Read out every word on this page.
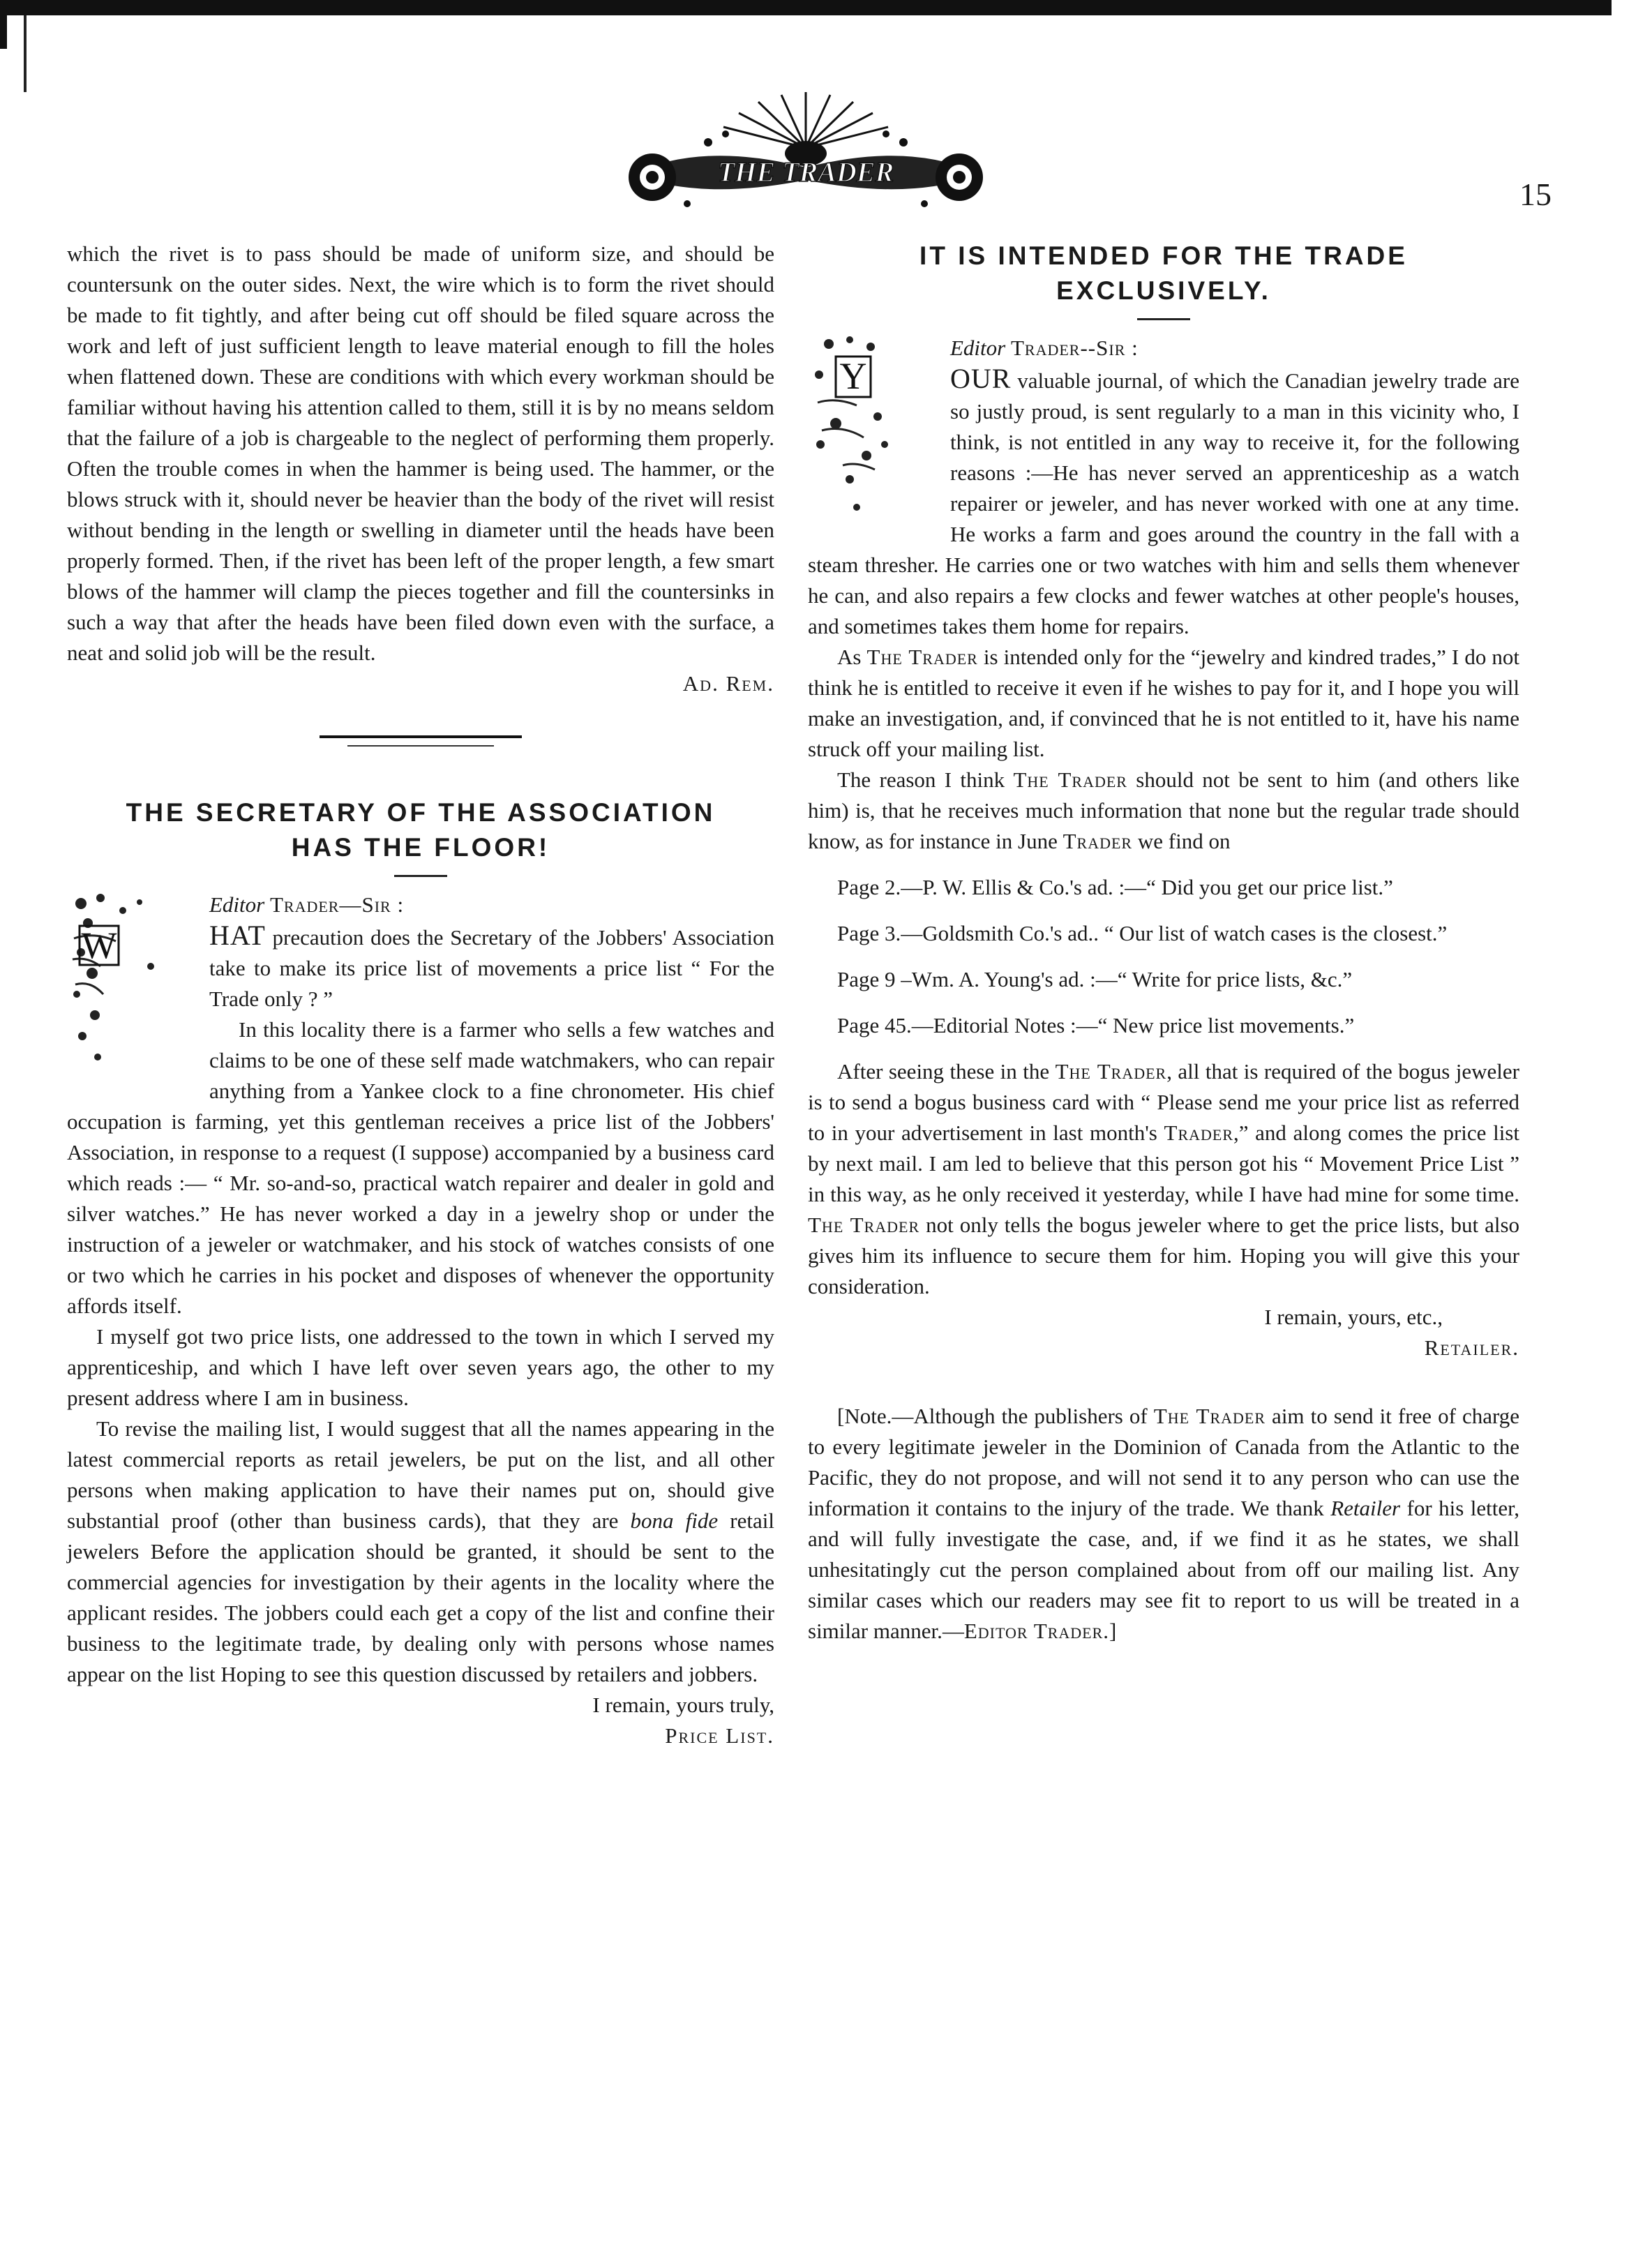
THE TRADER
15

which the rivet is to pass should be made of uniform size, and should be countersunk on the outer sides. Next, the wire which is to form the rivet should be made to fit tightly, and after being cut off should be filed square across the work and left of just sufficient length to leave material enough to fill the holes when flattened down. These are conditions with which every workman should be familiar without having his attention called to them, still it is by no means seldom that the failure of a job is chargeable to the neglect of performing them properly. Often the trouble comes in when the hammer is being used. The hammer, or the blows struck with it, should never be heavier than the body of the rivet will resist without bending in the length or swelling in diameter until the heads have been properly formed. Then, if the rivet has been left of the proper length, a few smart blows of the hammer will clamp the pieces together and fill the countersinks in such a way that after the heads have been filed down even with the surface, a neat and solid job will be the result.

Ad. Rem.

THE SECRETARY OF THE ASSOCIATION
HAS THE FLOOR!
W

Editor Trader—Sir :

HAT precaution does the Secretary of the Jobbers' Association take to make its price list of movements a price list “ For the Trade only ? ”

In this locality there is a farmer who sells a few watches and claims to be one of these self made watchmakers, who can repair anything from a Yankee clock to a fine chronometer. His chief occupation is farming, yet this gentleman receives a price list of the Jobbers' Association, in response to a request (I suppose) accompanied by a business card which reads :— “ Mr. so-and-so, practical watch repairer and dealer in gold and silver watches.” He has never worked a day in a jewelry shop or under the instruction of a jeweler or watchmaker, and his stock of watches consists of one or two which he carries in his pocket and disposes of whenever the opportunity affords itself.

I myself got two price lists, one addressed to the town in which I served my apprenticeship, and which I have left over seven years ago, the other to my present address where I am in business.

To revise the mailing list, I would suggest that all the names appearing in the latest commercial reports as retail jewelers, be put on the list, and all other persons when making application to have their names put on, should give substantial proof (other than business cards), that they are bona fide retail jewelers Before the application should be granted, it should be sent to the commercial agencies for investigation by their agents in the locality where the applicant resides. The jobbers could each get a copy of the list and confine their business to the legitimate trade, by dealing only with persons whose names appear on the list Hoping to see this question discussed by retailers and jobbers.

I remain, yours truly,

Price List.

IT IS INTENDED FOR THE TRADE
EXCLUSIVELY.
Y

Editor Trader--Sir :

OUR valuable journal, of which the Canadian jewelry trade are so justly proud, is sent regularly to a man in this vicinity who, I think, is not entitled in any way to receive it, for the following reasons :—He has never served an apprenticeship as a watch repairer or jeweler, and has never worked with one at any time. He works a farm and goes around the country in the fall with a steam thresher. He carries one or two watches with him and sells them whenever he can, and also repairs a few clocks and fewer watches at other people's houses, and sometimes takes them home for repairs.

As The Trader is intended only for the “jewelry and kindred trades,” I do not think he is entitled to receive it even if he wishes to pay for it, and I hope you will make an investigation, and, if convinced that he is not entitled to it, have his name struck off your mailing list.

The reason I think The Trader should not be sent to him (and others like him) is, that he receives much information that none but the regular trade should know, as for instance in June Trader we find on

Page 2.—P. W. Ellis & Co.'s ad. :—“ Did you get our price list.”

Page 3.—Goldsmith Co.'s ad.. “ Our list of watch cases is the closest.”

Page 9 –Wm. A. Young's ad. :—“ Write for price lists, &c.”

Page 45.—Editorial Notes :—“ New price list movements.”

After seeing these in the The Trader, all that is required of the bogus jeweler is to send a bogus business card with “ Please send me your price list as referred to in your advertisement in last month's Trader,” and along comes the price list by next mail. I am led to believe that this person got his “ Movement Price List ” in this way, as he only received it yesterday, while I have had mine for some time. The Trader not only tells the bogus jeweler where to get the price lists, but also gives him its influence to secure them for him. Hoping you will give this your consideration.

I remain, yours, etc.,

Retailer.

[Note.—Although the publishers of The Trader aim to send it free of charge to every legitimate jeweler in the Dominion of Canada from the Atlantic to the Pacific, they do not propose, and will not send it to any person who can use the information it contains to the injury of the trade. We thank Retailer for his letter, and will fully investigate the case, and, if we find it as he states, we shall unhesitatingly cut the person complained about from off our mailing list. Any similar cases which our readers may see fit to report to us will be treated in a similar manner.—Editor Trader.]
